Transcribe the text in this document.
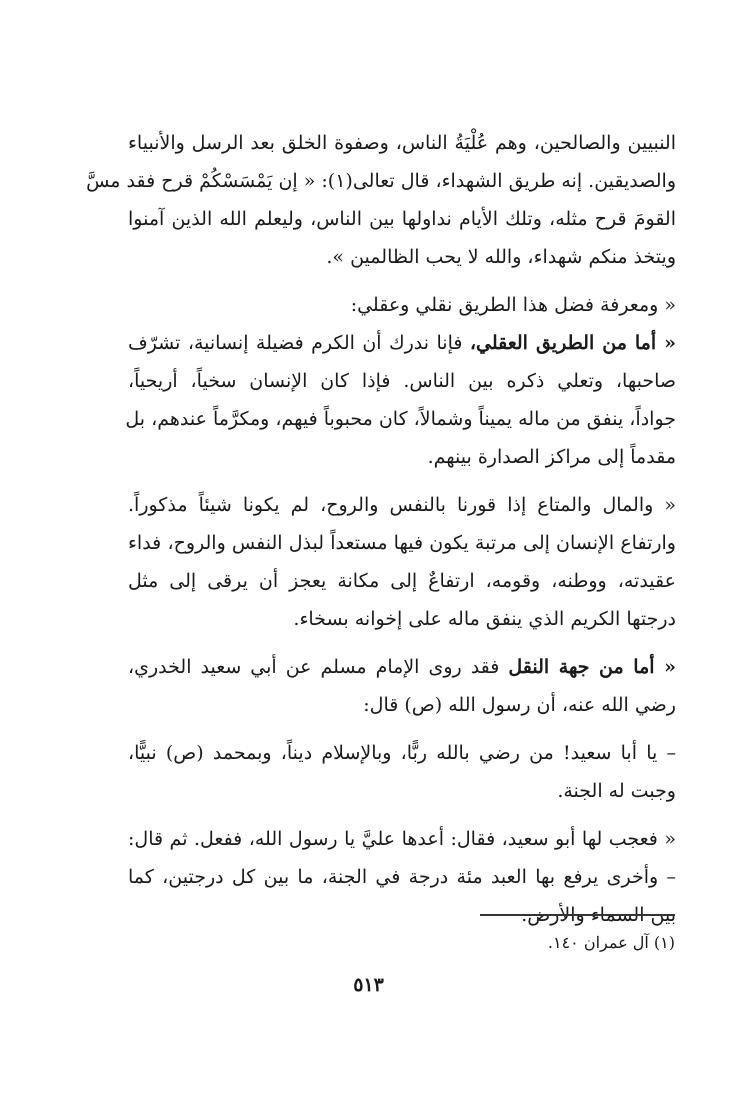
النبيين والصالحين، وهم عُلْيَةُ الناس، وصفوة الخلق بعد الرسل والأنبياء
والصديقين. إنه طريق الشهداء، قال تعالى(١): « إن يَمْسَسْكُمْ قرح فقد مسَّ
القومَ قرح مثله، وتلك الأيام نداولها بين الناس، وليعلم الله الذين آمنوا
ويتخذ منكم شهداء، والله لا يحب الظالمين ».
« ومعرفة فضل هذا الطريق نقلي وعقلي:
« أما من الطريق العقلي، فإنا ندرك أن الكرم فضيلة إنسانية، تشرّف
صاحبها، وتعلي ذكره بين الناس. فإذا كان الإنسان سخياً، أريحياً،
جواداً، ينفق من ماله يميناً وشمالاً، كان محبوباً فيهم، ومكرَّماً عندهم، بل
مقدماً إلى مراكز الصدارة بينهم.
« والمال والمتاع إذا قورنا بالنفس والروح، لم يكونا شيئاً مذكوراً.
وارتفاع الإنسان إلى مرتبة يكون فيها مستعداً لبذل النفس والروح، فداء
عقيدته، ووطنه، وقومه، ارتفاعٌ إلى مكانة يعجز أن يرقى إلى مثل
درجتها الكريم الذي ينفق ماله على إخوانه بسخاء.
« أما من جهة النقل فقد روى الإمام مسلم عن أبي سعيد الخدري،
رضي الله عنه، أن رسول الله (ص) قال:
– يا أبا سعيد! من رضي بالله ربًّا، وبالإسلام ديناً، وبمحمد (ص) نبيًّا،
وجبت له الجنة.
« فعجب لها أبو سعيد، فقال: أعدها عليَّ يا رسول الله، ففعل. ثم قال:
– وأخرى يرفع بها العبد مئة درجة في الجنة، ما بين كل درجتين، كما
بين السماء والأرض.
(١) آل عمران ١٤٠.
٥١٣
